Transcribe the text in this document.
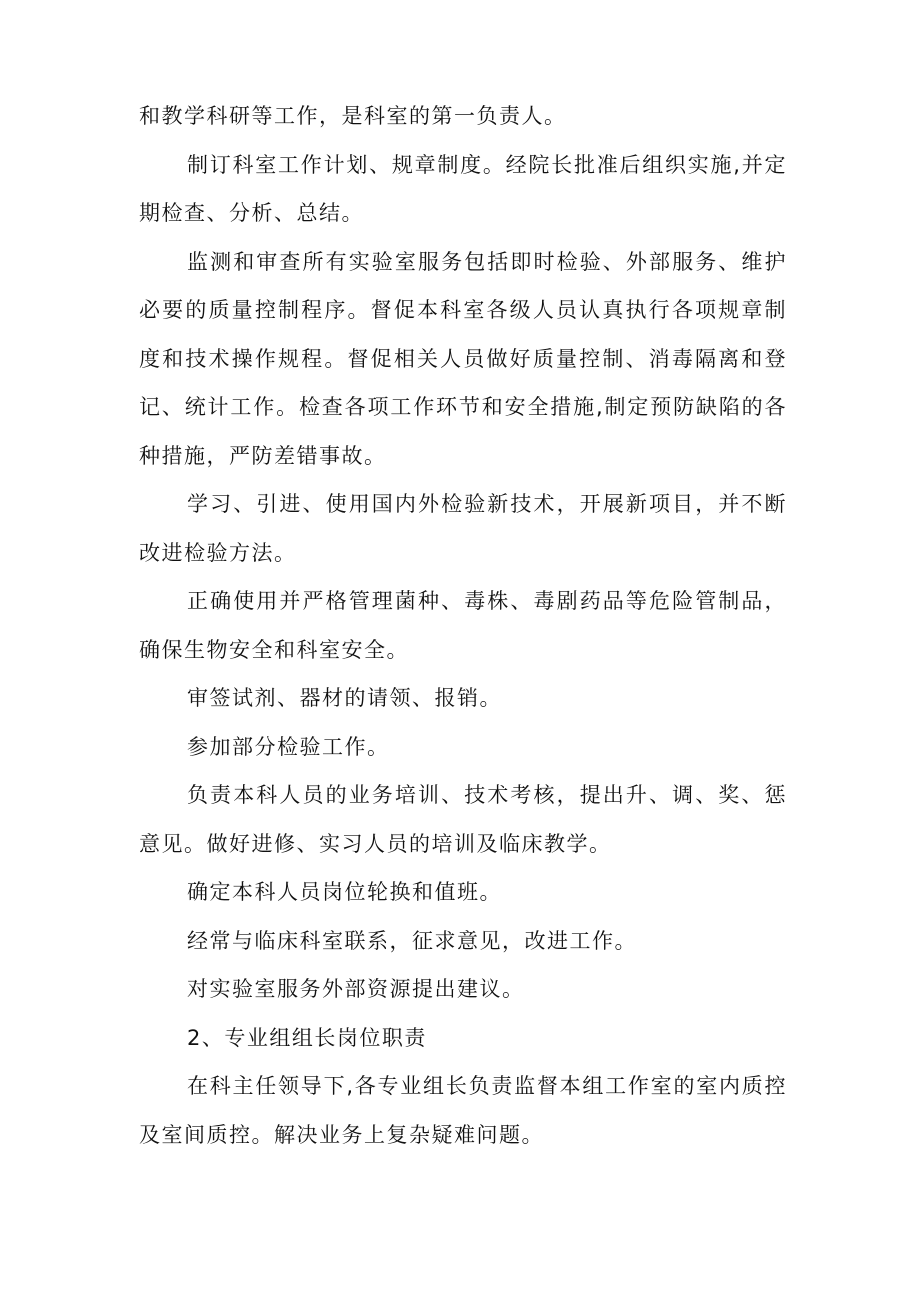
和教学科研等工作，是科室的第一负责人。

制订科室工作计划、规章制度。经院长批准后组织实施,并定期检查、分析、总结。

监测和审查所有实验室服务包括即时检验、外部服务、维护必要的质量控制程序。督促本科室各级人员认真执行各项规章制度和技术操作规程。督促相关人员做好质量控制、消毒隔离和登记、统计工作。检查各项工作环节和安全措施,制定预防缺陷的各种措施，严防差错事故。

学习、引进、使用国内外检验新技术，开展新项目，并不断改进检验方法。

正确使用并严格管理菌种、毒株、毒剧药品等危险管制品，确保生物安全和科室安全。

审签试剂、器材的请领、报销。

参加部分检验工作。

负责本科人员的业务培训、技术考核，提出升、调、奖、惩意见。做好进修、实习人员的培训及临床教学。

确定本科人员岗位轮换和值班。

经常与临床科室联系，征求意见，改进工作。

对实验室服务外部资源提出建议。

2、专业组组长岗位职责

在科主任领导下,各专业组长负责监督本组工作室的室内质控及室间质控。解决业务上复杂疑难问题。
